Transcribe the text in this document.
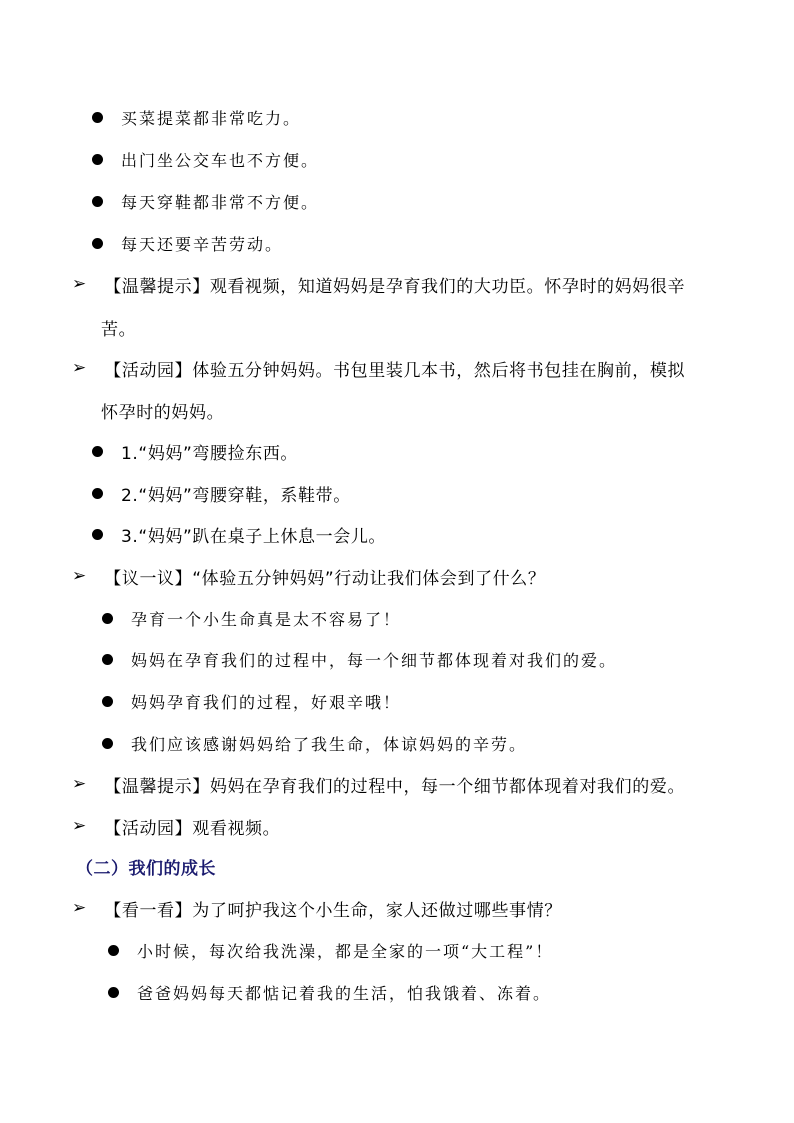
买菜提菜都非常吃力。
出门坐公交车也不方便。
每天穿鞋都非常不方便。
每天还要辛苦劳动。
➢ 【温馨提示】观看视频，知道妈妈是孕育我们的大功臣。怀孕时的妈妈很辛
苦。
➢ 【活动园】体验五分钟妈妈。书包里装几本书，然后将书包挂在胸前，模拟
怀孕时的妈妈。
1.“妈妈”弯腰捡东西。
2.“妈妈”弯腰穿鞋，系鞋带。
3.“妈妈”趴在桌子上休息一会儿。
➢ 【议一议】“体验五分钟妈妈”行动让我们体会到了什么？
孕育一个小生命真是太不容易了！
妈妈在孕育我们的过程中，每一个细节都体现着对我们的爱。
妈妈孕育我们的过程，好艰辛哦！
我们应该感谢妈妈给了我生命，体谅妈妈的辛劳。
➢ 【温馨提示】妈妈在孕育我们的过程中，每一个细节都体现着对我们的爱。
➢ 【活动园】观看视频。
（二）我们的成长
➢ 【看一看】为了呵护我这个小生命，家人还做过哪些事情？
小时候，每次给我洗澡，都是全家的一项“大工程”！
爸爸妈妈每天都惦记着我的生活，怕我饿着、冻着。
